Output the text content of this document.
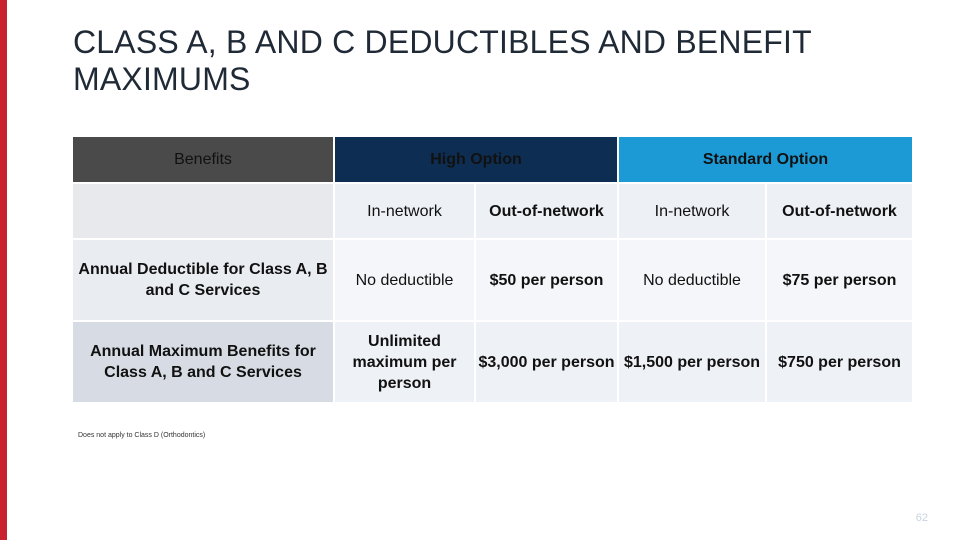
CLASS A, B AND C DEDUCTIBLES AND BENEFIT MAXIMUMS
Benefits	High Option		Standard Option	
	In-network	Out-of-network	In-network	Out-of-network
Annual Deductible for Class A, B and C Services	No deductible	$50 per person	No deductible	$75 per person
Annual Maximum Benefits for Class A, B and C Services	Unlimited maximum per person	$3,000 per person	$1,500 per person	$750 per person
Does not apply to Class D (Orthodontics)
62
